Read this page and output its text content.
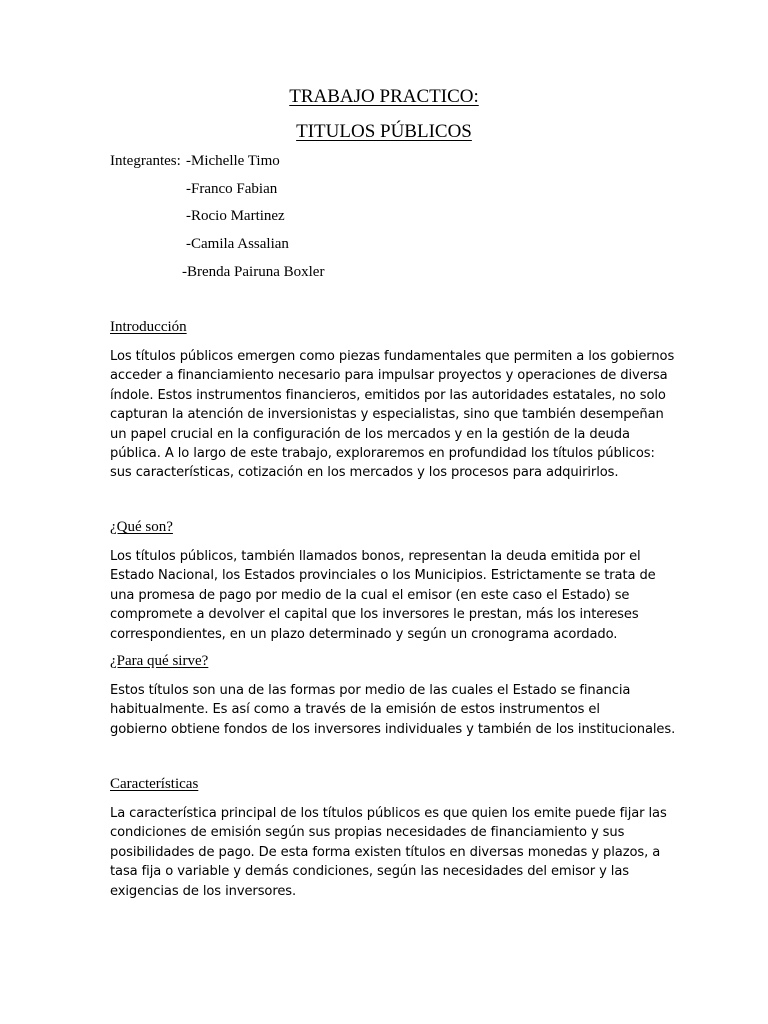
TRABAJO PRACTICO:
TITULOS PÚBLICOS
Integrantes: -Michelle Timo
-Franco Fabian
-Rocio Martinez
-Camila Assalian
-Brenda Pairuna Boxler
Introducción
Los títulos públicos emergen como piezas fundamentales que permiten a los gobiernos
acceder a financiamiento necesario para impulsar proyectos y operaciones de diversa
índole. Estos instrumentos financieros, emitidos por las autoridades estatales, no solo
capturan la atención de inversionistas y especialistas, sino que también desempeñan
un papel crucial en la configuración de los mercados y en la gestión de la deuda
pública. A lo largo de este trabajo, exploraremos en profundidad los títulos públicos:
sus características, cotización en los mercados y los procesos para adquirirlos.
¿Qué son?
Los títulos públicos, también llamados bonos, representan la deuda emitida por el
Estado Nacional, los Estados provinciales o los Municipios. Estrictamente se trata de
una promesa de pago por medio de la cual el emisor (en este caso el Estado) se
compromete a devolver el capital que los inversores le prestan, más los intereses
correspondientes, en un plazo determinado y según un cronograma acordado.
¿Para qué sirve?
Estos títulos son una de las formas por medio de las cuales el Estado se financia
habitualmente. Es así como a través de la emisión de estos instrumentos el
gobierno obtiene fondos de los inversores individuales y también de los institucionales.
Características
La característica principal de los títulos públicos es que quien los emite puede fijar las
condiciones de emisión según sus propias necesidades de financiamiento y sus
posibilidades de pago. De esta forma existen títulos en diversas monedas y plazos, a
tasa fija o variable y demás condiciones, según las necesidades del emisor y las
exigencias de los inversores.
